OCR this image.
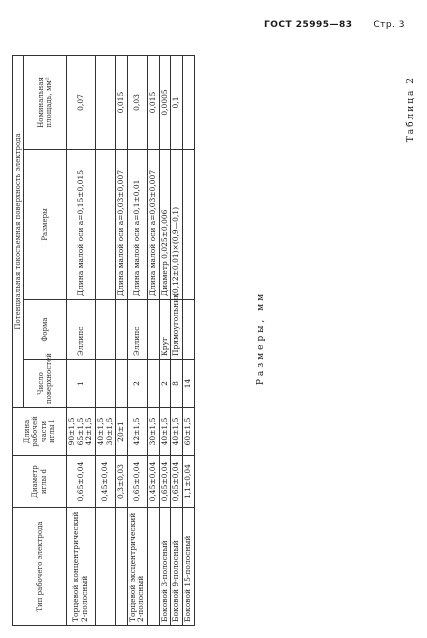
ГОСТ 25995—83 Стр. 3
Таблица 2
Размеры, мм
Тип рабочего электрода	Диаметр иглы d	Длина рабочей части иглы l	Потенциальная токосъемная поверхность электрода			
			Число поверхностей	Форма	Размеры	Номинальная площадь, мм²
Торцевой концентрический 2-полосный	0,65±0,04	90±1,5 65±1,5 42±1,5	1	Эллипс	Длина малой оси a=0,15±0,015	0,07
	0,45±0,04	40±1,5 30±1,5				

	0,3±0,03	20±1			Длина малой оси a=0,03±0,007	0,015
Торцевой эксцентрический 2-полосный	0,65±0,04	42±1,5	2	Эллипс	Длина малой оси a=0,1±0,01	0,03
	0,45±0,04	30±1,5			Длина малой оси a=0,03±0,007	0,015
Боковой 3-полосный	0,65±0,04	40±1,5	2	Круг	Диаметр 0,025±0,006	0,0005
Боковой 9-полосный	0,65±0,04	40±1,5	8	Прямоугольник	(0,12±0,01)×(0,9—0,1)	0,1
Боковой 15-полосный	1,1±0,04	60±1,5	14			
